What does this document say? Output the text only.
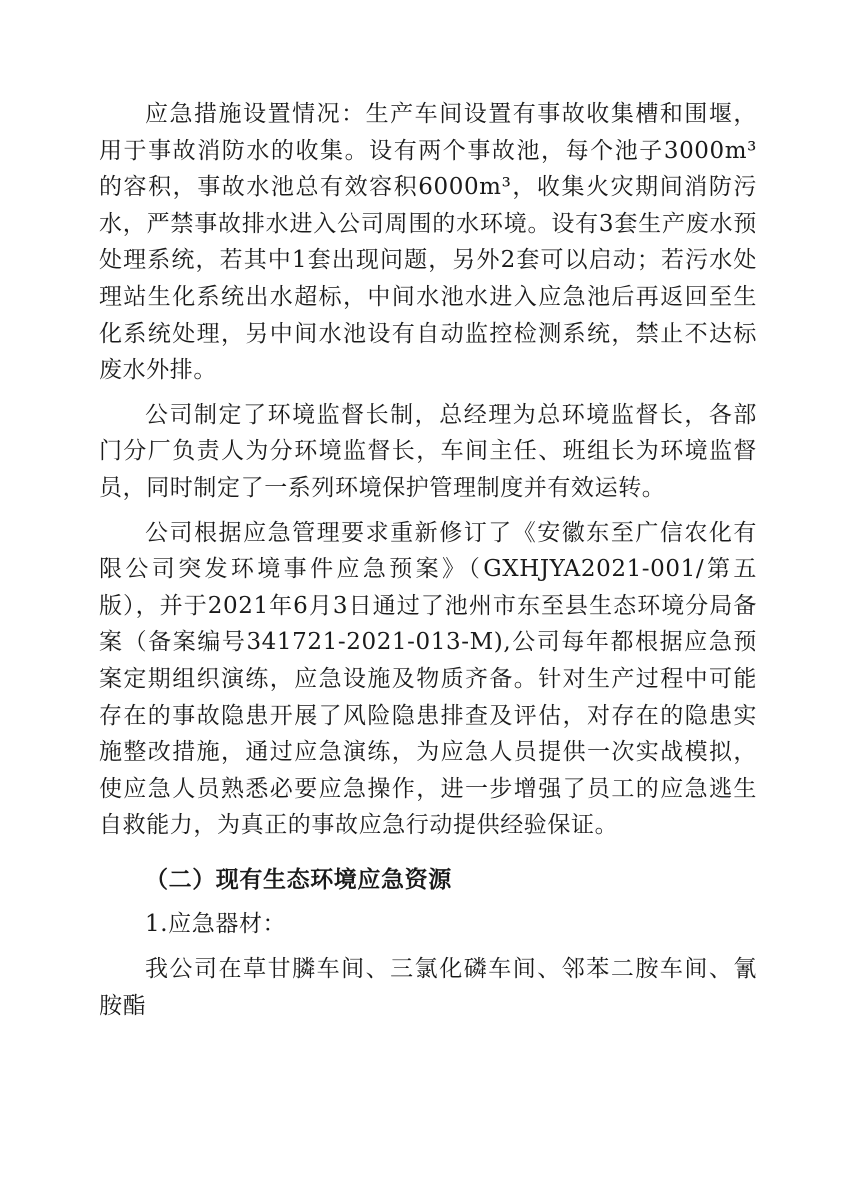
应急措施设置情况：生产车间设置有事故收集槽和围堰，用于事故消防水的收集。设有两个事故池，每个池子3000m³的容积，事故水池总有效容积6000m³，收集火灾期间消防污水，严禁事故排水进入公司周围的水环境。设有3套生产废水预处理系统，若其中1套出现问题，另外2套可以启动；若污水处理站生化系统出水超标，中间水池水进入应急池后再返回至生化系统处理，另中间水池设有自动监控检测系统，禁止不达标废水外排。

公司制定了环境监督长制，总经理为总环境监督长，各部门分厂负责人为分环境监督长，车间主任、班组长为环境监督员，同时制定了一系列环境保护管理制度并有效运转。

公司根据应急管理要求重新修订了《安徽东至广信农化有限公司突发环境事件应急预案》（GXHJYA2021-001/第五版），并于2021年6月3日通过了池州市东至县生态环境分局备案（备案编号341721-2021-013-M),公司每年都根据应急预案定期组织演练，应急设施及物质齐备。针对生产过程中可能存在的事故隐患开展了风险隐患排查及评估，对存在的隐患实施整改措施，通过应急演练，为应急人员提供一次实战模拟，使应急人员熟悉必要应急操作，进一步增强了员工的应急逃生自救能力，为真正的事故应急行动提供经验保证。

（二）现有生态环境应急资源

1.应急器材：

我公司在草甘膦车间、三氯化磷车间、邻苯二胺车间、氰胺酯
